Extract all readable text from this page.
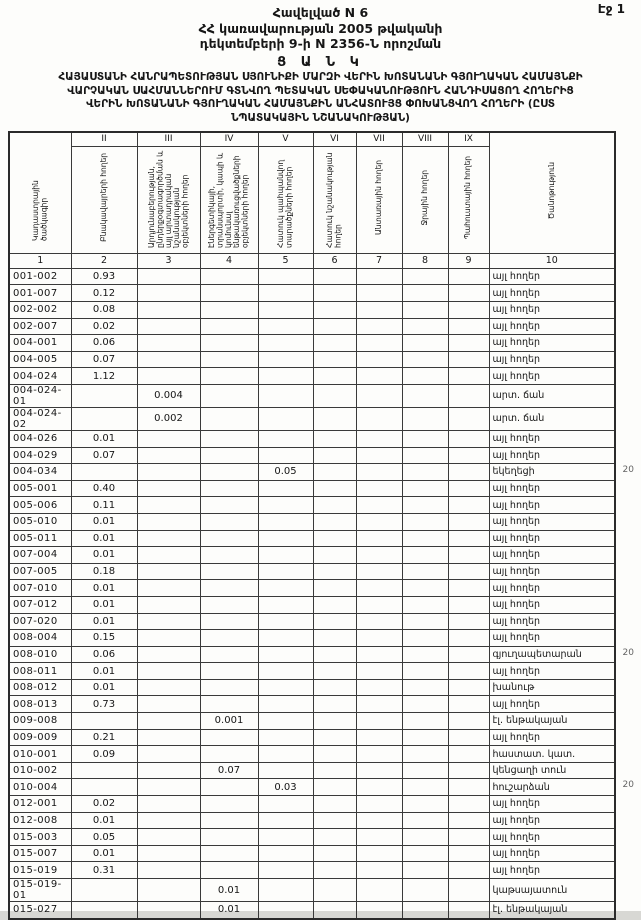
Էջ 1
Հավելված N 6
ՀՀ կառավարության 2005 թվականի
դեկտեմբերի 9-ի N 2356-Ն որոշման
Ց Ա Ն Կ
ՀԱՅԱՍՏԱՆԻ ՀԱՆՐԱՊԵՏՈՒԹՅԱՆ ՍՅՈՒՆԻՔԻ ՄԱՐԶԻ ՎԵՐԻՆ ԽՈՏԱՆԱՆԻ ԳՅՈՒՂԱԿԱՆ ՀԱՄԱՅՆՔԻ
ՎԱՐՉԱԿԱՆ ՍԱՀՄԱՆՆԵՐՈՒՄ ԳՏՆՎՈՂ ՊԵՏԱԿԱՆ ՍԵՓԱԿԱՆՈՒԹՅՈՒՆ ՀԱՆԴԻՍԱՑՈՂ ՀՈՂԵՐԻՑ
ՎԵՐԻՆ ԽՈՏԱՆԱՆԻ ԳՅՈՒՂԱԿԱՆ ՀԱՄԱՅՆՔԻՆ ԱՆՀԱՏՈՒՅՑ ՓՈԽԱՆՑՎՈՂ ՀՈՂԵՐԻ (ԸՍՏ
ՆՊԱՏԱԿԱՅԻՆ ՆՇԱՆԱԿՈՒԹՅԱՆ)
Կադաստրային ծածկագիր	II	III	IV	V	VI	VII	VIII	IX	Ծանոթություն
	Բնակավայրերի հողեր	Արդյունաբերության, ընդերքօգտագործման և այլ արտադրական նշանակության օբյեկտների հողեր	Էներգետիկայի, տրանսպորտի, կապի և կոմունալ ենթակառուցվածքների օբյեկտների հողեր	Հատուկ պահպանվող տարածքների հողեր	Հատուկ նշանակության հողեր	Անտառային հողեր	Ջրային հողեր	Պահուստային հողեր	
1	2	3	4	5	6	7	8	9	10
001-002	0.93								այլ հողեր
001-007	0.12								այլ հողեր
002-002	0.08								այլ հողեր
002-007	0.02								այլ հողեր
004-001	0.06								այլ հողեր
004-005	0.07								այլ հողեր
004-024	1.12								այլ հողեր
004-024-01		0.004							արտ. ճան
004-024-02		0.002							արտ. ճան
004-026	0.01								այլ հողեր
004-029	0.07								այլ հողեր
004-034				0.05					եկեղեցի 20

005-001	0.40								այլ հողեր
005-006	0.11								այլ հողեր
005-010	0.01								այլ հողեր
005-011	0.01								այլ հողեր
007-004	0.01								այլ հողեր
007-005	0.18								այլ հողեր
007-010	0.01								այլ հողեր
007-012	0.01								այլ հողեր
007-020	0.01								այլ հողեր
008-004	0.15								այլ հողեր
008-010	0.06								գյուղապետարան 20

008-011	0.01								այլ հողեր
008-012	0.01								խանութ
008-013	0.73								այլ հողեր
009-008			0.001						էլ. ենթակայան
009-009	0.21								այլ հողեր
010-001	0.09								հաստատ. կատ.
010-002			0.07						կենցաղի տուն
010-004				0.03					հուշարձան 20

012-001	0.02								այլ հողեր
012-008	0.01								այլ հողեր
015-003	0.05								այլ հողեր
015-007	0.01								այլ հողեր
015-019	0.31								այլ հողեր
015-019-01			0.01						կաթսայատուն
015-027			0.01						էլ. ենթակայան
